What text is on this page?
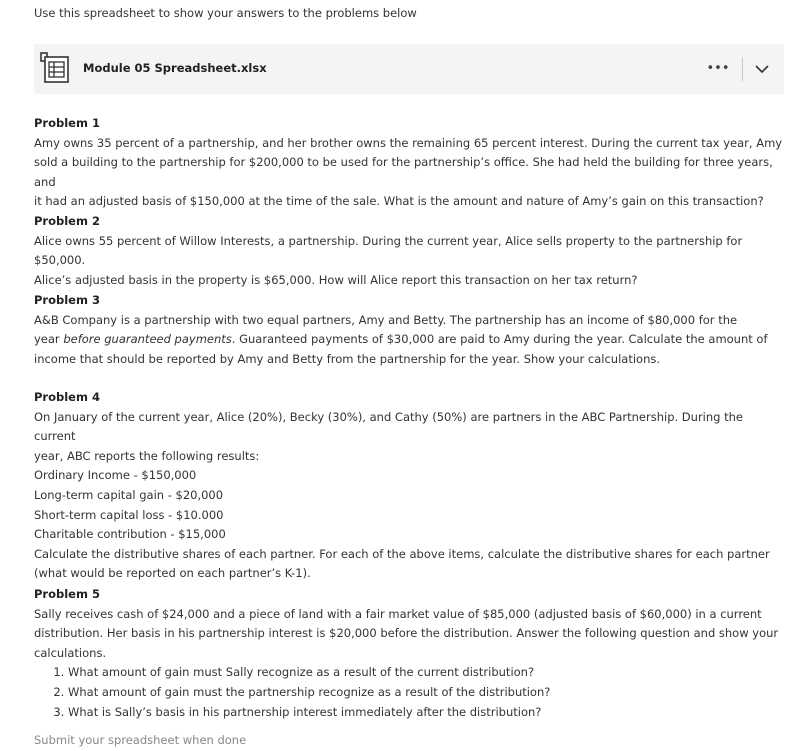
Use this spreadsheet to show your answers to the problems below
Module 05 Spreadsheet.xlsx	•••
Problem 1
Amy owns 35 percent of a partnership, and her brother owns the remaining 65 percent interest. During the current tax year, Amy
sold a building to the partnership for $200,000 to be used for the partnership’s office. She had held the building for three years, and
it had an adjusted basis of $150,000 at the time of the sale. What is the amount and nature of Amy’s gain on this transaction?
Problem 2
Alice owns 55 percent of Willow Interests, a partnership. During the current year, Alice sells property to the partnership for $50,000.
Alice’s adjusted basis in the property is $65,000. How will Alice report this transaction on her tax return?
Problem 3
A&B Company is a partnership with two equal partners, Amy and Betty. The partnership has an income of $80,000 for the
year before guaranteed payments. Guaranteed payments of $30,000 are paid to Amy during the year. Calculate the amount of
income that should be reported by Amy and Betty from the partnership for the year. Show your calculations.
Problem 4
On January of the current year, Alice (20%), Becky (30%), and Cathy (50%) are partners in the ABC Partnership. During the current
year, ABC reports the following results:
Ordinary Income - $150,000
Long-term capital gain - $20,000
Short-term capital loss - $10.000
Charitable contribution - $15,000
Calculate the distributive shares of each partner. For each of the above items, calculate the distributive shares for each partner
(what would be reported on each partner’s K-1).
Problem 5
Sally receives cash of $24,000 and a piece of land with a fair market value of $85,000 (adjusted basis of $60,000) in a current
distribution. Her basis in his partnership interest is $20,000 before the distribution. Answer the following question and show your
calculations.
1. What amount of gain must Sally recognize as a result of the current distribution?
2. What amount of gain must the partnership recognize as a result of the distribution?
3. What is Sally’s basis in his partnership interest immediately after the distribution?
Submit your spreadsheet when done
